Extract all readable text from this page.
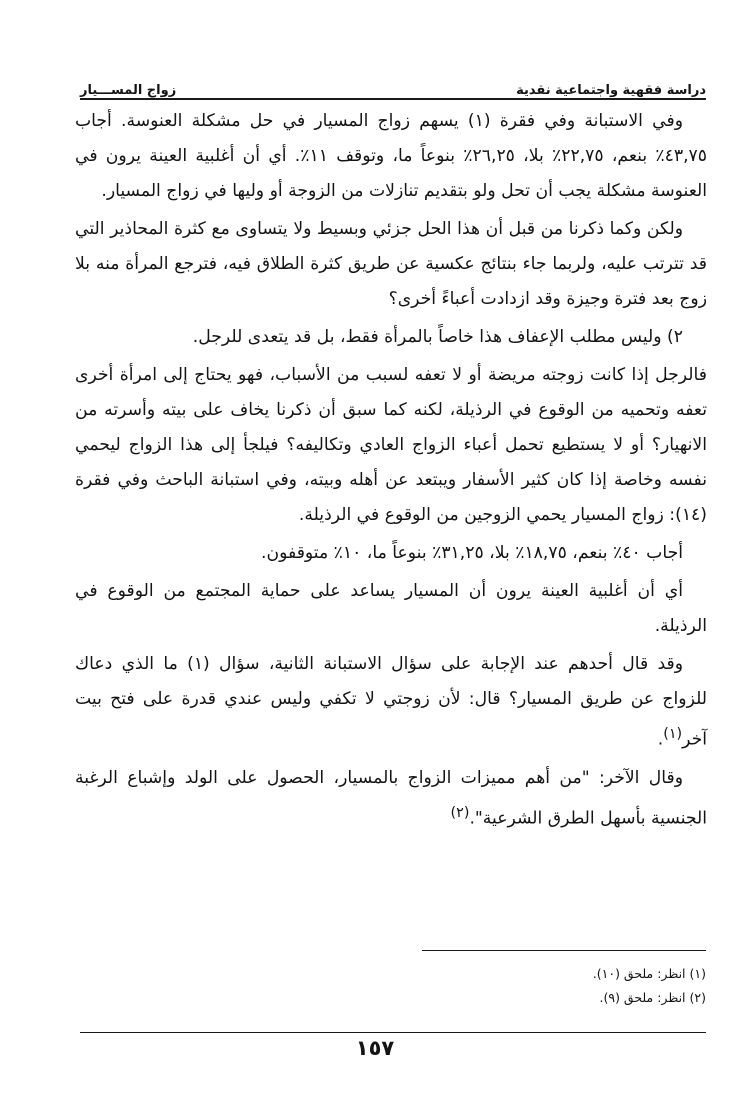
دراسة فقهية واجتماعية نقدية
زواج المســـيار

وفي الاستبانة وفي فقرة (١) يسهم زواج المسيار في حل مشكلة العنوسة. أجاب ٤٣,٧٥٪ بنعم، ٢٢,٧٥٪ بلا، ٢٦,٢٥٪ بنوعاً ما، وتوقف ١١٪. أي أن أغلبية العينة يرون في العنوسة مشكلة يجب أن تحل ولو بتقديم تنازلات من الزوجة أو وليها في زواج المسيار.

ولكن وكما ذكرنا من قبل أن هذا الحل جزئي وبسيط ولا يتساوى مع كثرة المحاذير التي قد تترتب عليه، ولربما جاء بنتائج عكسية عن طريق كثرة الطلاق فيه، فترجع المرأة منه بلا زوج بعد فترة وجيزة وقد ازدادت أعباءً أخرى؟

٢) وليس مطلب الإعفاف هذا خاصاً بالمرأة فقط، بل قد يتعدى للرجل.

فالرجل إذا كانت زوجته مريضة أو لا تعفه لسبب من الأسباب، فهو يحتاج إلى امرأة أخرى تعفه وتحميه من الوقوع في الرذيلة، لكنه كما سبق أن ذكرنا يخاف على بيته وأسرته من الانهيار؟ أو لا يستطيع تحمل أعباء الزواج العادي وتكاليفه؟ فيلجأ إلى هذا الزواج ليحمي نفسه وخاصة إذا كان كثير الأسفار ويبتعد عن أهله وبيته، وفي استبانة الباحث وفي فقرة (١٤): زواج المسيار يحمي الزوجين من الوقوع في الرذيلة.

أجاب ٤٠٪ بنعم، ١٨,٧٥٪ بلا، ٣١,٢٥٪ بنوعاً ما، ١٠٪ متوقفون.

أي أن أغلبية العينة يرون أن المسيار يساعد على حماية المجتمع من الوقوع في الرذيلة.

وقد قال أحدهم عند الإجابة على سؤال الاستبانة الثانية، سؤال (١) ما الذي دعاك للزواج عن طريق المسيار؟ قال: لأن زوجتي لا تكفي وليس عندي قدرة على فتح بيت آخر$^{(١)}$.

وقال الآخر: "من أهم مميزات الزواج بالمسيار، الحصول على الولد وإشباع الرغبة الجنسية بأسهل الطرق الشرعية".$^{(٢)}$

(١) انظر: ملحق (١٠).
(٢) انظر: ملحق (٩).
١٥٧
